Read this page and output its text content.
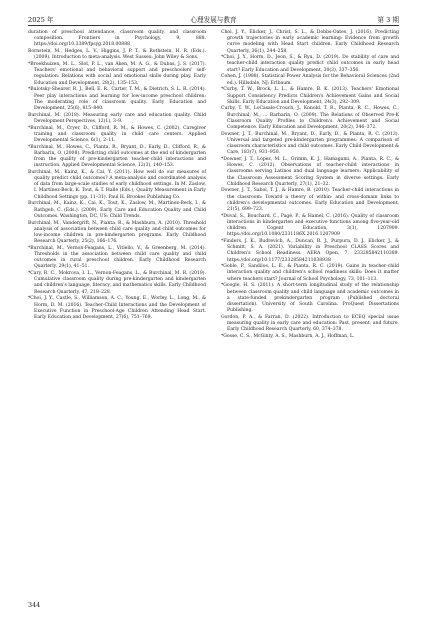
2025 年	心理发展与教育	第 3 期

duration of preschool attendance, classroom quality, and classroom composition. Frontiers in Psychology, 9, 888. https://doi.org/10.3389/fpsyg.2018.00888

Bornstein, M., Hedges, L. V., Higgins, J. P. T., & Rothstein, H. R. (Eds.). (2009). Introduction to meta-analysis. West Sussex: John Wiley & Sons.

*Broekhuizen, M. L., Slot, P. L., van Aken, M. A. G., & Dubas, J. S. (2017). Teachers' emotional and behavioral support and preschoolers' self-regulation: Relations with social and emotional skills during play. Early Education and Development, 28(2), 135–153.

*Bulotsky-Shearer, R. J., Bell, E. R., Carter, T. M., & Dietrich, S. L. R. (2014). Peer play interactions and learning for low-income preschool children: The moderating role of classroom quality. Early Education and Development, 25(6), 815–840.

Burchinal, M. (2018). Measuring early care and education quality. Child Development Perspectives, 12(1), 3–9.

*Burchinal, M., Cryer, D., Clifford, R. M., & Howes, C. (2002). Caregiver training and classroom quality in child care centers. Applied Developmental Science, 6(1), 2–11.

*Burchinal, M., Howes, C., Pianta, R., Bryant, D., Early, D., Clifford, R., & Barbarin, O. (2008). Predicting child outcomes at the end of kindergarten from the quality of pre-kindergarten teacher-child interactions and instruction. Applied Developmental Science, 12(3), 140–153.

Burchinal, M., Kainz, K., & Cai, Y. (2011). How well do our measures of quality predict child outcomes? A meta-analysis and coordinated analysis of data from large-scale studies of early childhood settings. In M. Zaslow, I. Martinez-Beck, K. Tout, & T. Halle (Eds.), Quality Measurement in Early Childhood Settings (pp. 11–31). Paul H. Brookes Publishing Co.

Burchinal, M., Kainz, K., Cai, K., Tout, K., Zaslow, M., Martinez-Beck, I., & Rathgeb, C. (Eds.). (2009). Early Care and Education Quality and Child Outcomes. Washington, DC, US: Child Trends.

Burchinal, M., Vandergrift, N., Pianta, R., & Mashburn, A. (2010). Threshold analysis of association between child care quality and child outcomes for low-income children in pre-kindergarten programs. Early Childhood Research Quarterly, 25(2), 166–176.

*Burchinal, M., Vernon-Feagans, L., Vitiello, V., & Greenberg, M. (2014). Thresholds in the association between child care quality and child outcomes in rural preschool children. Early Childhood Research Quarterly, 29(1), 41–51.

*Cary, R. C., Mokrova, I. L., Vernon-Feagans, L., & Burchinal, M. R. (2019). Cumulative classroom quality during pre-kindergarten and kindergarten and children's language, literacy, and mathematics skills. Early Childhood Research Quarterly, 47, 218–228.

*Choi, J. Y., Castle, S., Williamson, A. C., Young, E., Worley, L., Long, M., & Horm, D. M. (2016). Teacher-Child Interactions and the Development of Executive Function in Preschool-Age Children Attending Head Start. Early Education and Development, 27(6), 751–769.

Choi, J. Y., Elicker, J., Christ, S. L., & Dobbs-Oates, J. (2016). Predicting growth trajectories in early academic learning: Evidence from growth curve modeling with Head Start children. Early Childhood Research Quarterly, 36(1), 244–258.

*Choi, J. Y., Horm, D., Jeon, S., & Ryu, D. (2019). Do stability of care and teacher-child interaction quality predict child outcomes in early head start? Early Education and Development, 30(3), 337–356.

Cohen, J. (1988). Statistical Power Analysis for the Behavioral Sciences (2nd ed.). Hillsdale, NJ: Erlbaum.

*Curby, T. W., Brock, L. L., & Hamre, B. K. (2013). Teachers' Emotional Support Consistency Predicts Children's Achievement Gains and Social Skills. Early Education and Development, 24(3), 292–309.

Curby, T. W., LoCasale-Crouch, J., Konold, T. R., Pianta, R. C., Howes, C., Burchinal, M., ... Barbarin, O. (2009). The Relations of Observed Pre-K Classroom Quality Profiles to Children's Achievement and Social Competence. Early Education and Development, 20(2), 346–372.

Downer, J. T., Burchinal, M., Bryant, D., Early, D., & Pianta, R. C. (2013). Universal and targeted pre-kindergarten programmes: A comparison of classroom characteristics and child outcomes. Early Child Development & Care, 183(7), 931–950.

*Downer, J. T., López, M. L., Grimm, K. J., Hamagami, A., Pianta, R. C., & Howes, C. (2012). Observations of teacher-child interactions in classrooms serving Latinos and dual language learners: Applicability of the Classroom Assessment Scoring System in diverse settings. Early Childhood Research Quarterly, 27(1), 21–32.

Downer, J. T., Sabol, T. J., & Hamre, B. (2010). Teacher-child interactions in the classroom: Toward a theory of within- and cross-domain links to children's developmental outcomes. Early Education and Development, 21(5), 699–723.

*Duval, S., Bouchard, C., Pagé, P., & Hamel, C. (2016). Quality of classroom interactions in kindergarten and executive functions among five-year-old children. Cogent Education, 3(1), 1207909. https://doi.org/10.1080/2331186X.2016.1207909

*Finders, J. K., Budrevich, A., Duncan, R. J., Purpura, D. J., Elicker, J., & Schmitt, S. A. (2021). Variability in Preschool CLASS Scores and Children's School Readiness. AERA Open, 7, 233285842110389. https://doi.org/10.1177/23328584211038938

*Goble, P., Sandilos, L. E., & Pianta, R. C. (2019). Gains in teacher-child interaction quality and children's school readiness skills: Does it matter where teachers start? Journal of School Psychology, 73, 101–113.

*Google, H. S. (2011). A short-term longitudinal study of the relationship between classroom quality and child language and academic outcomes in a state-funded prekindergarten program (Published doctoral dissertation). University of South Carolina. ProQuest Dissertations Publishing.

Gordon, P. A., & Farran, D. (2022). Introduction to ECEQ special issue measuring quality in early care and education: Past, present, and future. Early Childhood Research Quarterly, 60, 374–378.

*Gosse, C. S., McGinty, A. S., Mashburn, A. J., Hoffman, L.

344
